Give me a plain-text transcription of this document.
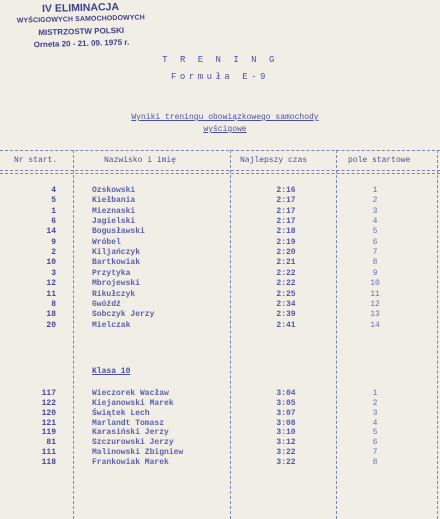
IV ELIMINACJA
WYŚCIGOWYCH SAMOCHODOWYCH
MISTRZOSTW POLSKI
Orneta 20 - 21. 09. 1975 r.
T R E N I N G
Formuła E-9
Wyniki treningu obowiązkowego samochody
wyścigowe
Nr start.	Nazwisko i imię	Najlepszy czas	pole startowe
4	Ozskowski	2:16	1
5	Kiełbania	2:17	2
1	Mieznaski	2:17	3
6	Jagielski	2:17	4
14	Bogusławski	2:18	5
9	Wróbel	2:19	6
2	Kiljańczyk	2:20	7
10	Bartkowiak	2:21	8
3	Przytyka	2:22	9
12	Mbrojewski	2:22	10
11	Rikułczyk	2:25	11
8	Gwóźdź	2:34	12
18	Sobczyk Jerzy	2:39	13
20	Mielczak	2:41	14
Klasa 10
117	Wieczorek Wacław	3:04	1
122	Kiejanowski Marek	3:05	2
120	Świątek Lech	3:07	3
121	Marlandt Tomasz	3:08	4
119	Karasiński Jerzy	3:10	5
81	Szczurowski Jerzy	3:12	6
111	Malinowski Zbigniew	3:22	7
118	Frankowiak Marek	3:22	8
